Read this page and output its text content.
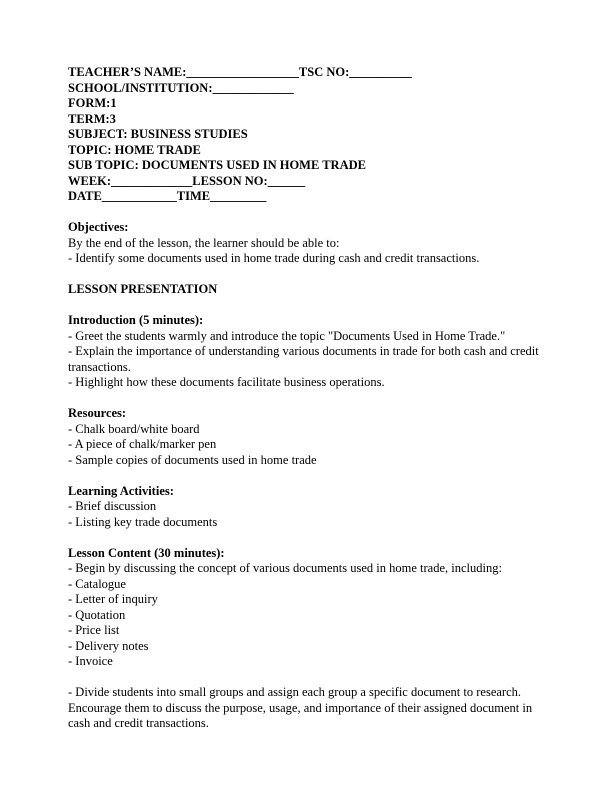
TEACHER’S NAME:__________________TSC NO:__________
SCHOOL/INSTITUTION:_____________
FORM:1
TERM:3
SUBJECT: BUSINESS STUDIES
TOPIC: HOME TRADE
SUB TOPIC: DOCUMENTS USED IN HOME TRADE
WEEK:_____________LESSON NO:______
DATE____________TIME_________
Objectives:
By the end of the lesson, the learner should be able to:
- Identify some documents used in home trade during cash and credit transactions.
LESSON PRESENTATION
Introduction (5 minutes):
- Greet the students warmly and introduce the topic "Documents Used in Home Trade."
- Explain the importance of understanding various documents in trade for both cash and credit transactions.
- Highlight how these documents facilitate business operations.
Resources:
- Chalk board/white board
- A piece of chalk/marker pen
- Sample copies of documents used in home trade
Learning Activities:
- Brief discussion
- Listing key trade documents
Lesson Content (30 minutes):
- Begin by discussing the concept of various documents used in home trade, including:
- Catalogue
- Letter of inquiry
- Quotation
- Price list
- Delivery notes
- Invoice
- Divide students into small groups and assign each group a specific document to research. Encourage them to discuss the purpose, usage, and importance of their assigned document in cash and credit transactions.
